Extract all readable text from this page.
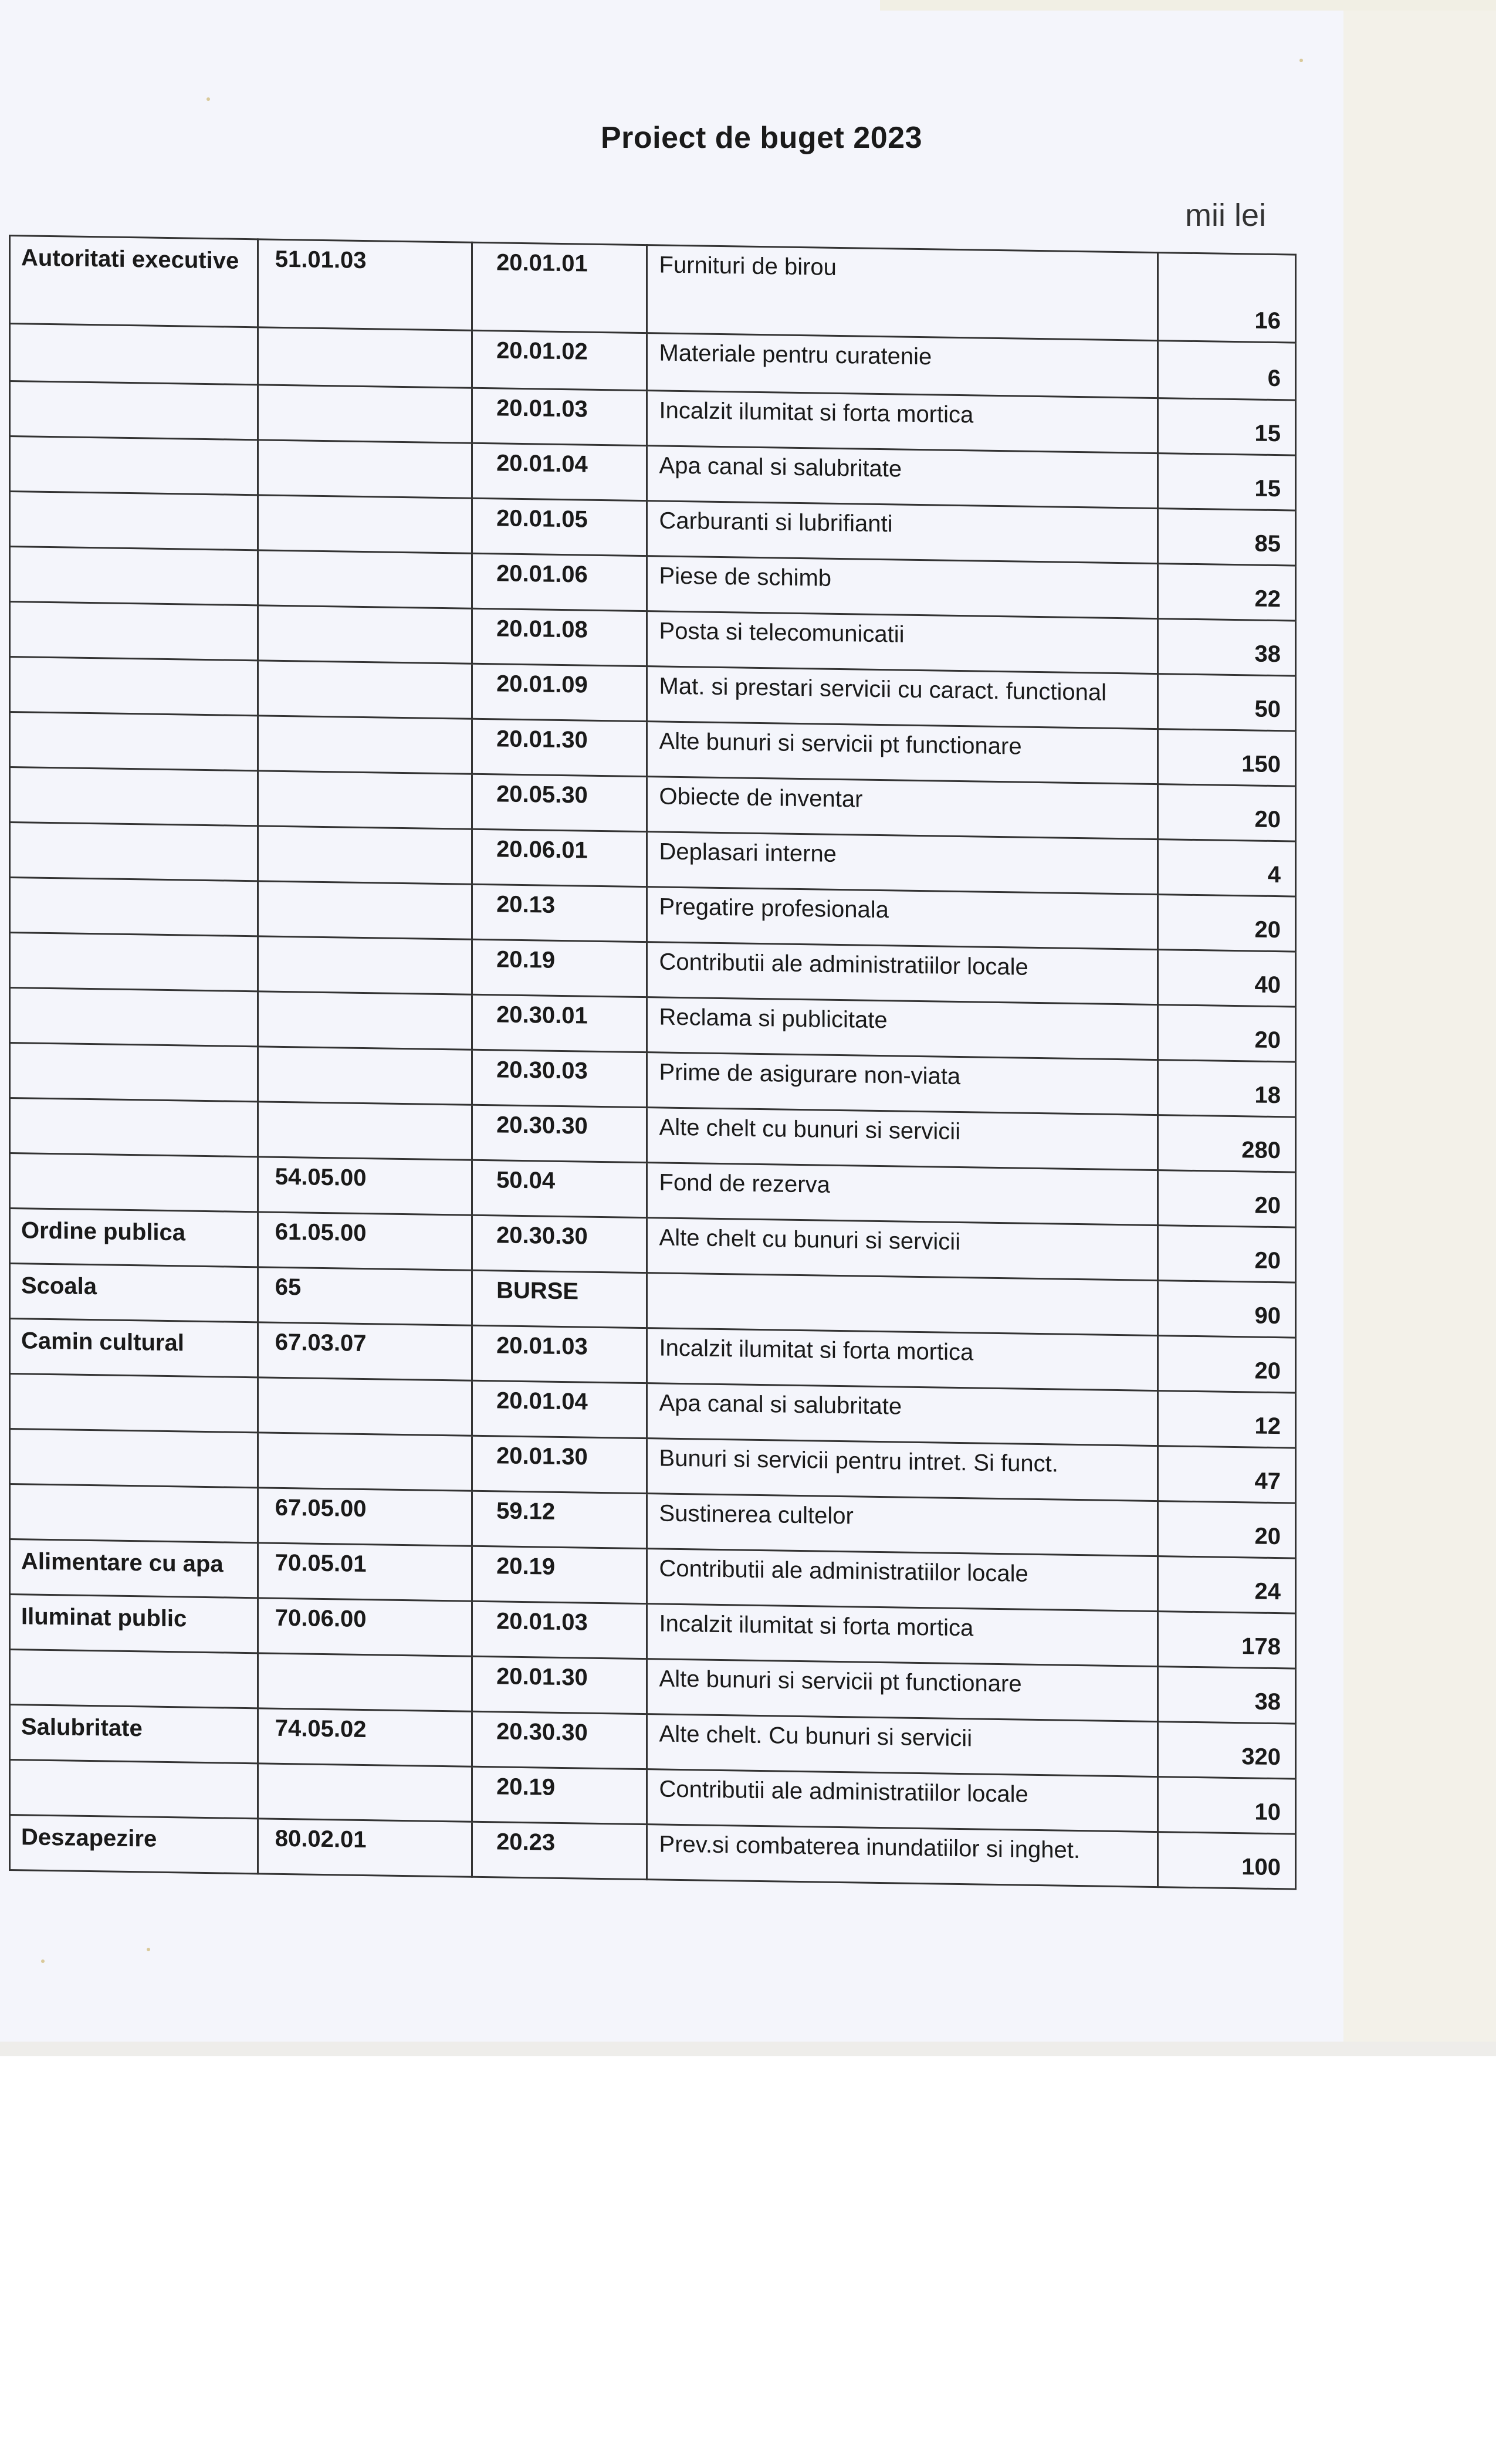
Proiect de buget 2023
mii lei
Autoritati executive	51.01.03	20.01.01	Furnituri de birou	16
		20.01.02	Materiale pentru curatenie	6
		20.01.03	Incalzit ilumitat si forta mortica	15
		20.01.04	Apa canal si salubritate	15
		20.01.05	Carburanti si lubrifianti	85
		20.01.06	Piese de schimb	22
		20.01.08	Posta si telecomunicatii	38
		20.01.09	Mat. si prestari servicii cu caract. functional	50
		20.01.30	Alte bunuri si servicii pt functionare	150
		20.05.30	Obiecte de inventar	20
		20.06.01	Deplasari interne	4
		20.13	Pregatire profesionala	20
		20.19	Contributii ale administratiilor locale	40
		20.30.01	Reclama si publicitate	20
		20.30.03	Prime de asigurare non-viata	18
		20.30.30	Alte chelt cu bunuri si servicii	280
	54.05.00	50.04	Fond de rezerva	20
Ordine publica	61.05.00	20.30.30	Alte chelt cu bunuri si servicii	20
Scoala	65	BURSE		90
Camin cultural	67.03.07	20.01.03	Incalzit ilumitat si forta mortica	20
		20.01.04	Apa canal si salubritate	12
		20.01.30	Bunuri si servicii pentru intret. Si funct.	47
	67.05.00	59.12	Sustinerea cultelor	20
Alimentare cu apa	70.05.01	20.19	Contributii ale administratiilor locale	24
Iluminat public	70.06.00	20.01.03	Incalzit ilumitat si forta mortica	178
		20.01.30	Alte bunuri si servicii pt functionare	38
Salubritate	74.05.02	20.30.30	Alte chelt. Cu bunuri si servicii	320
		20.19	Contributii ale administratiilor locale	10
Deszapezire	80.02.01	20.23	Prev.si combaterea inundatiilor si inghet.	100
